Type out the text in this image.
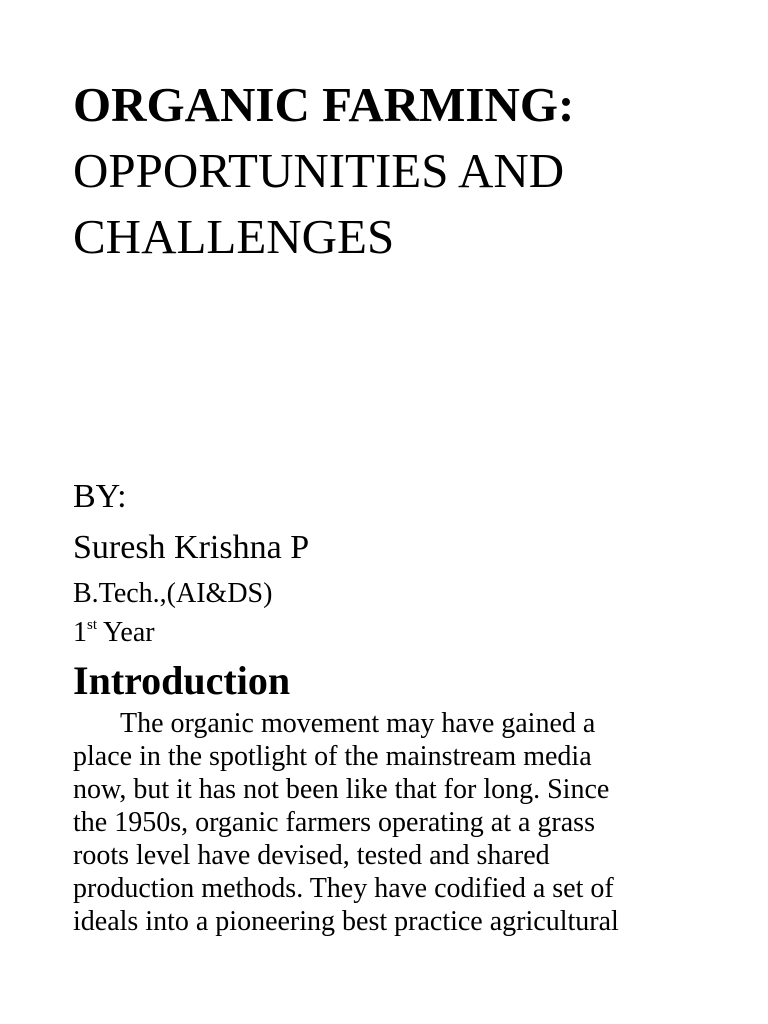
ORGANIC FARMING:
OPPORTUNITIES AND
CHALLENGES
BY:
Suresh Krishna P
B.Tech.,(AI&DS)
1st Year
Introduction
The organic movement may have gained a
place in the spotlight of the mainstream media
now, but it has not been like that for long. Since
the 1950s, organic farmers operating at a grass
roots level have devised, tested and shared
production methods. They have codified a set of
ideals into a pioneering best practice agricultural
